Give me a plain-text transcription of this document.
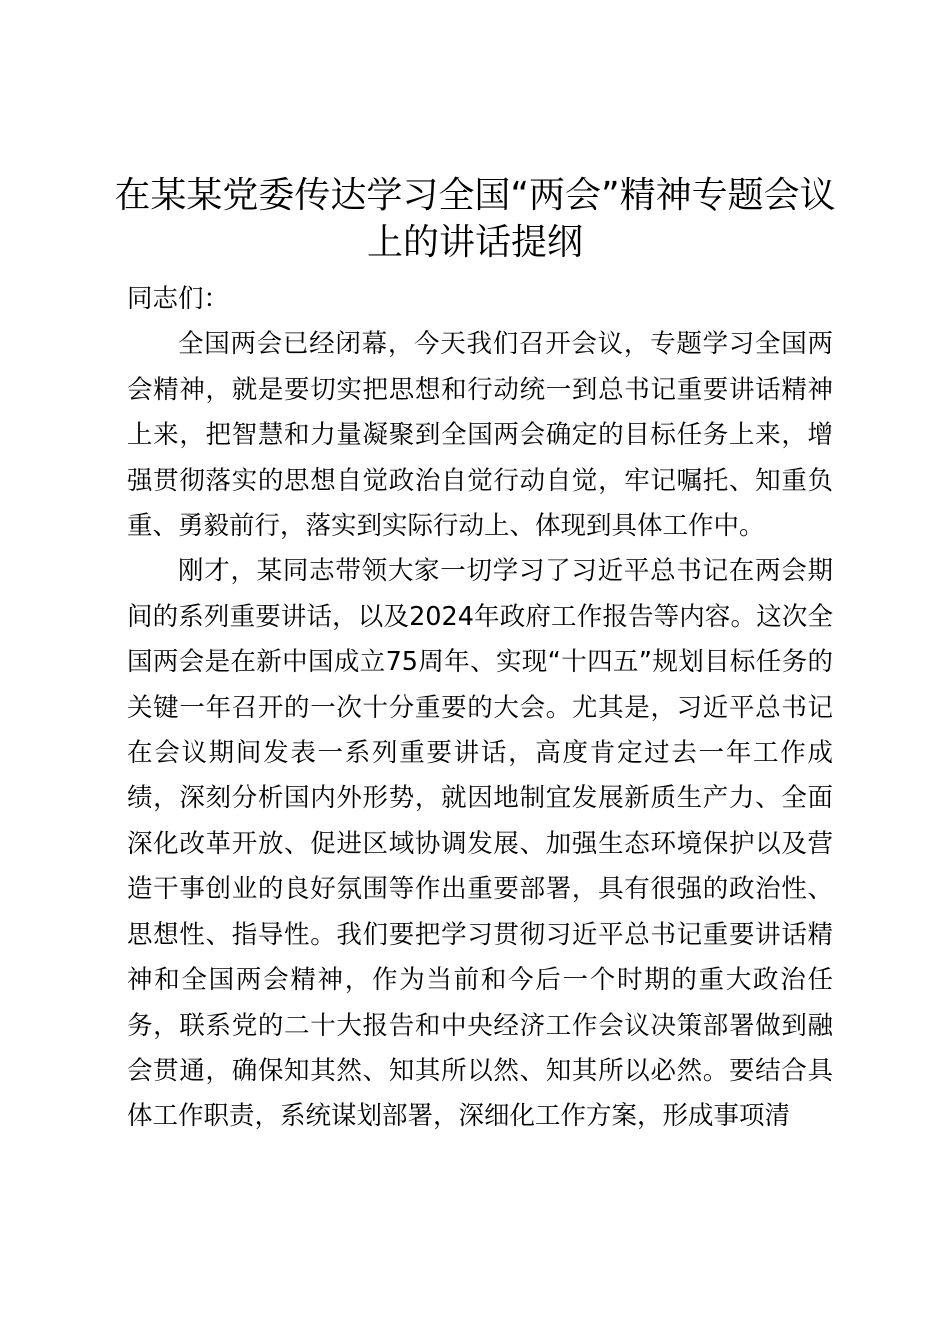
在某某党委传达学习全国“两会”精神专题会议上的讲话提纲

同志们：

全国两会已经闭幕，今天我们召开会议，专题学习全国两会精神，就是要切实把思想和行动统一到总书记重要讲话精神上来，把智慧和力量凝聚到全国两会确定的目标任务上来，增强贯彻落实的思想自觉政治自觉行动自觉，牢记嘱托、知重负重、勇毅前行，落实到实际行动上、体现到具体工作中。

刚才，某同志带领大家一切学习了习近平总书记在两会期间的系列重要讲话，以及2024年政府工作报告等内容。这次全国两会是在新中国成立75周年、实现“十四五”规划目标任务的关键一年召开的一次十分重要的大会。尤其是，习近平总书记在会议期间发表一系列重要讲话，高度肯定过去一年工作成绩，深刻分析国内外形势，就因地制宜发展新质生产力、全面深化改革开放、促进区域协调发展、加强生态环境保护以及营造干事创业的良好氛围等作出重要部署，具有很强的政治性、思想性、指导性。我们要把学习贯彻习近平总书记重要讲话精神和全国两会精神，作为当前和今后一个时期的重大政治任务，联系党的二十大报告和中央经济工作会议决策部署做到融会贯通，确保知其然、知其所以然、知其所以必然。要结合具体工作职责，系统谋划部署，深细化工作方案，形成事项清
